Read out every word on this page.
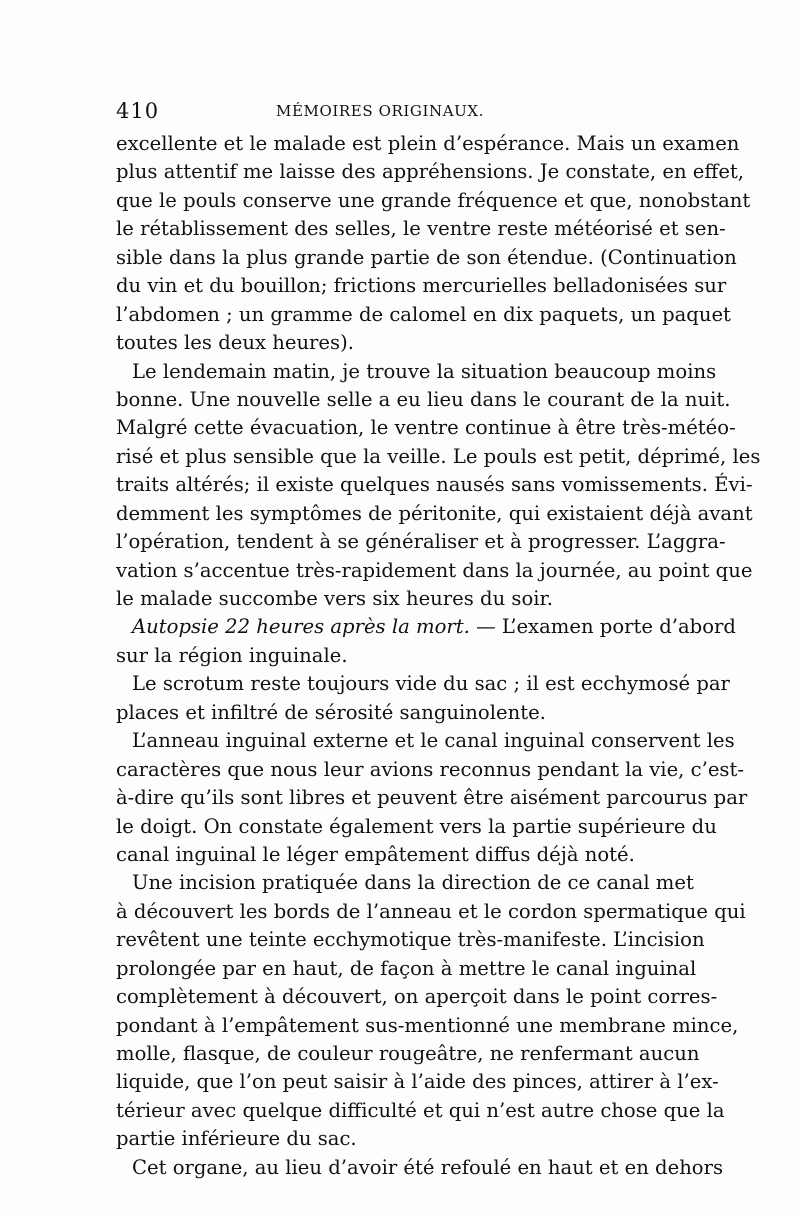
410	MÉMOIRES ORIGINAUX.
excellente et le malade est plein d’espérance. Mais un examen
plus attentif me laisse des appréhensions. Je constate, en effet,
que le pouls conserve une grande fréquence et que, nonobstant
le rétablissement des selles, le ventre reste météorisé et sen-
sible dans la plus grande partie de son étendue. (Continuation
du vin et du bouillon; frictions mercurielles belladonisées sur
l’abdomen ; un gramme de calomel en dix paquets, un paquet
toutes les deux heures).
Le lendemain matin, je trouve la situation beaucoup moins
bonne. Une nouvelle selle a eu lieu dans le courant de la nuit.
Malgré cette évacuation, le ventre continue à être très-météo-
risé et plus sensible que la veille. Le pouls est petit, déprimé, les
traits altérés; il existe quelques nausés sans vomissements. Évi-
demment les symptômes de péritonite, qui existaient déjà avant
l’opération, tendent à se généraliser et à progresser. L’aggra-
vation s’accentue très-rapidement dans la journée, au point que
le malade succombe vers six heures du soir.
Autopsie 22 heures après la mort. — L’examen porte d’abord
sur la région inguinale.
Le scrotum reste toujours vide du sac ; il est ecchymosé par
places et infiltré de sérosité sanguinolente.
L’anneau inguinal externe et le canal inguinal conservent les
caractères que nous leur avions reconnus pendant la vie, c’est-
à-dire qu’ils sont libres et peuvent être aisément parcourus par
le doigt. On constate également vers la partie supérieure du
canal inguinal le léger empâtement diffus déjà noté.
Une incision pratiquée dans la direction de ce canal met
à découvert les bords de l’anneau et le cordon spermatique qui
revêtent une teinte ecchymotique très-manifeste. L’incision
prolongée par en haut, de façon à mettre le canal inguinal
complètement à découvert, on aperçoit dans le point corres-
pondant à l’empâtement sus-mentionné une membrane mince,
molle, flasque, de couleur rougeâtre, ne renfermant aucun
liquide, que l’on peut saisir à l’aide des pinces, attirer à l’ex-
térieur avec quelque difficulté et qui n’est autre chose que la
partie inférieure du sac.
Cet organe, au lieu d’avoir été refoulé en haut et en dehors
